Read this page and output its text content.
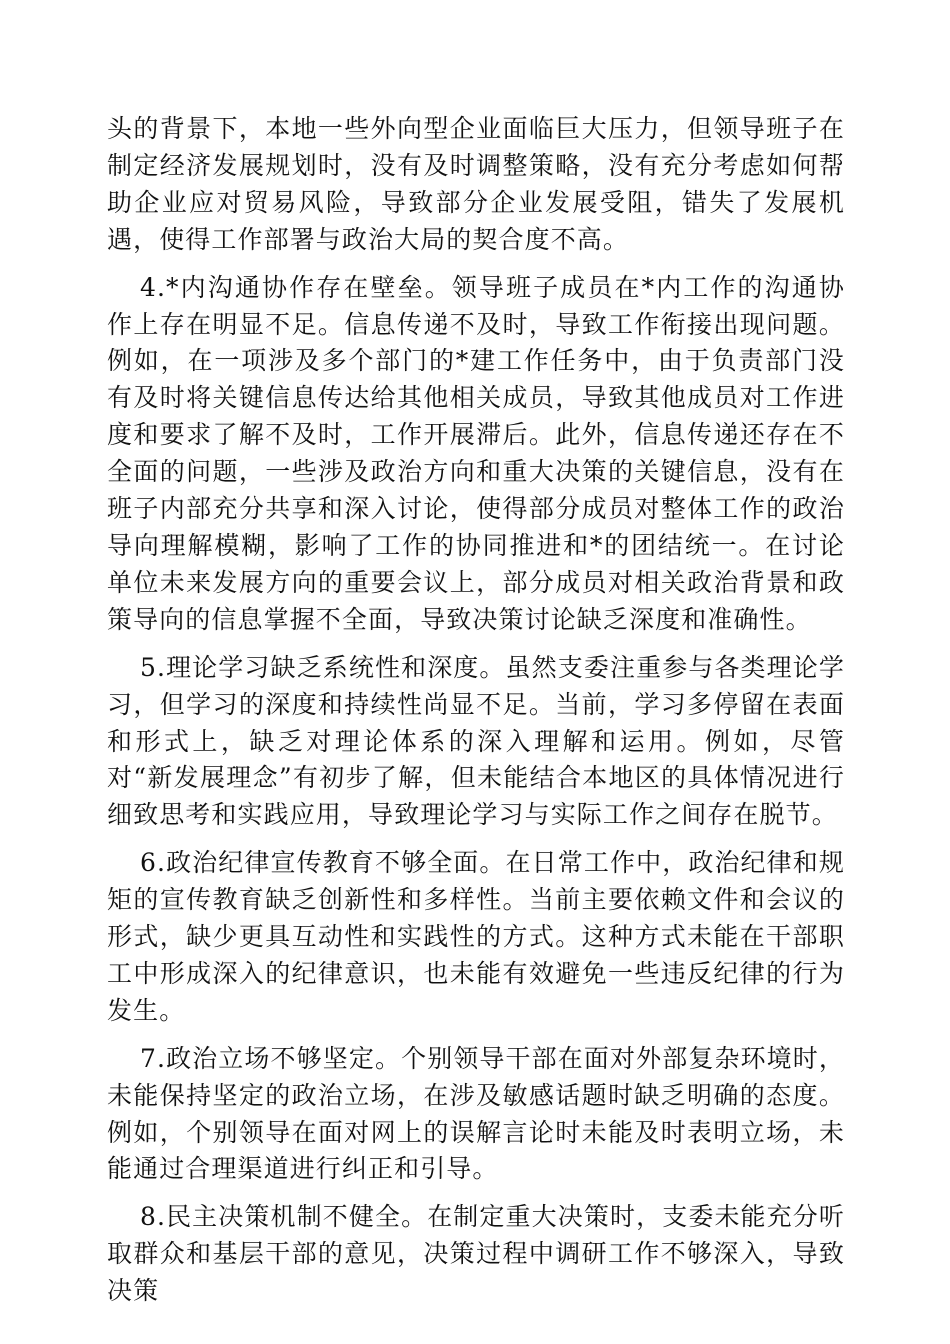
头的背景下，本地一些外向型企业面临巨大压力，但领导班子在制定经济发展规划时，没有及时调整策略，没有充分考虑如何帮助企业应对贸易风险，导致部分企业发展受阻，错失了发展机遇，使得工作部署与政治大局的契合度不高。

4.*内沟通协作存在壁垒。领导班子成员在*内工作的沟通协作上存在明显不足。信息传递不及时，导致工作衔接出现问题。例如，在一项涉及多个部门的*建工作任务中，由于负责部门没有及时将关键信息传达给其他相关成员，导致其他成员对工作进度和要求了解不及时，工作开展滞后。此外，信息传递还存在不全面的问题，一些涉及政治方向和重大决策的关键信息，没有在班子内部充分共享和深入讨论，使得部分成员对整体工作的政治导向理解模糊，影响了工作的协同推进和*的团结统一。在讨论单位未来发展方向的重要会议上，部分成员对相关政治背景和政策导向的信息掌握不全面，导致决策讨论缺乏深度和准确性。

5.理论学习缺乏系统性和深度。虽然支委注重参与各类理论学习，但学习的深度和持续性尚显不足。当前，学习多停留在表面和形式上，缺乏对理论体系的深入理解和运用。例如，尽管对“新发展理念”有初步了解，但未能结合本地区的具体情况进行细致思考和实践应用，导致理论学习与实际工作之间存在脱节。

6.政治纪律宣传教育不够全面。在日常工作中，政治纪律和规矩的宣传教育缺乏创新性和多样性。当前主要依赖文件和会议的形式，缺少更具互动性和实践性的方式。这种方式未能在干部职工中形成深入的纪律意识，也未能有效避免一些违反纪律的行为发生。

7.政治立场不够坚定。个别领导干部在面对外部复杂环境时，未能保持坚定的政治立场，在涉及敏感话题时缺乏明确的态度。例如，个别领导在面对网上的误解言论时未能及时表明立场，未能通过合理渠道进行纠正和引导。

8.民主决策机制不健全。在制定重大决策时，支委未能充分听取群众和基层干部的意见，决策过程中调研工作不够深入，导致决策
